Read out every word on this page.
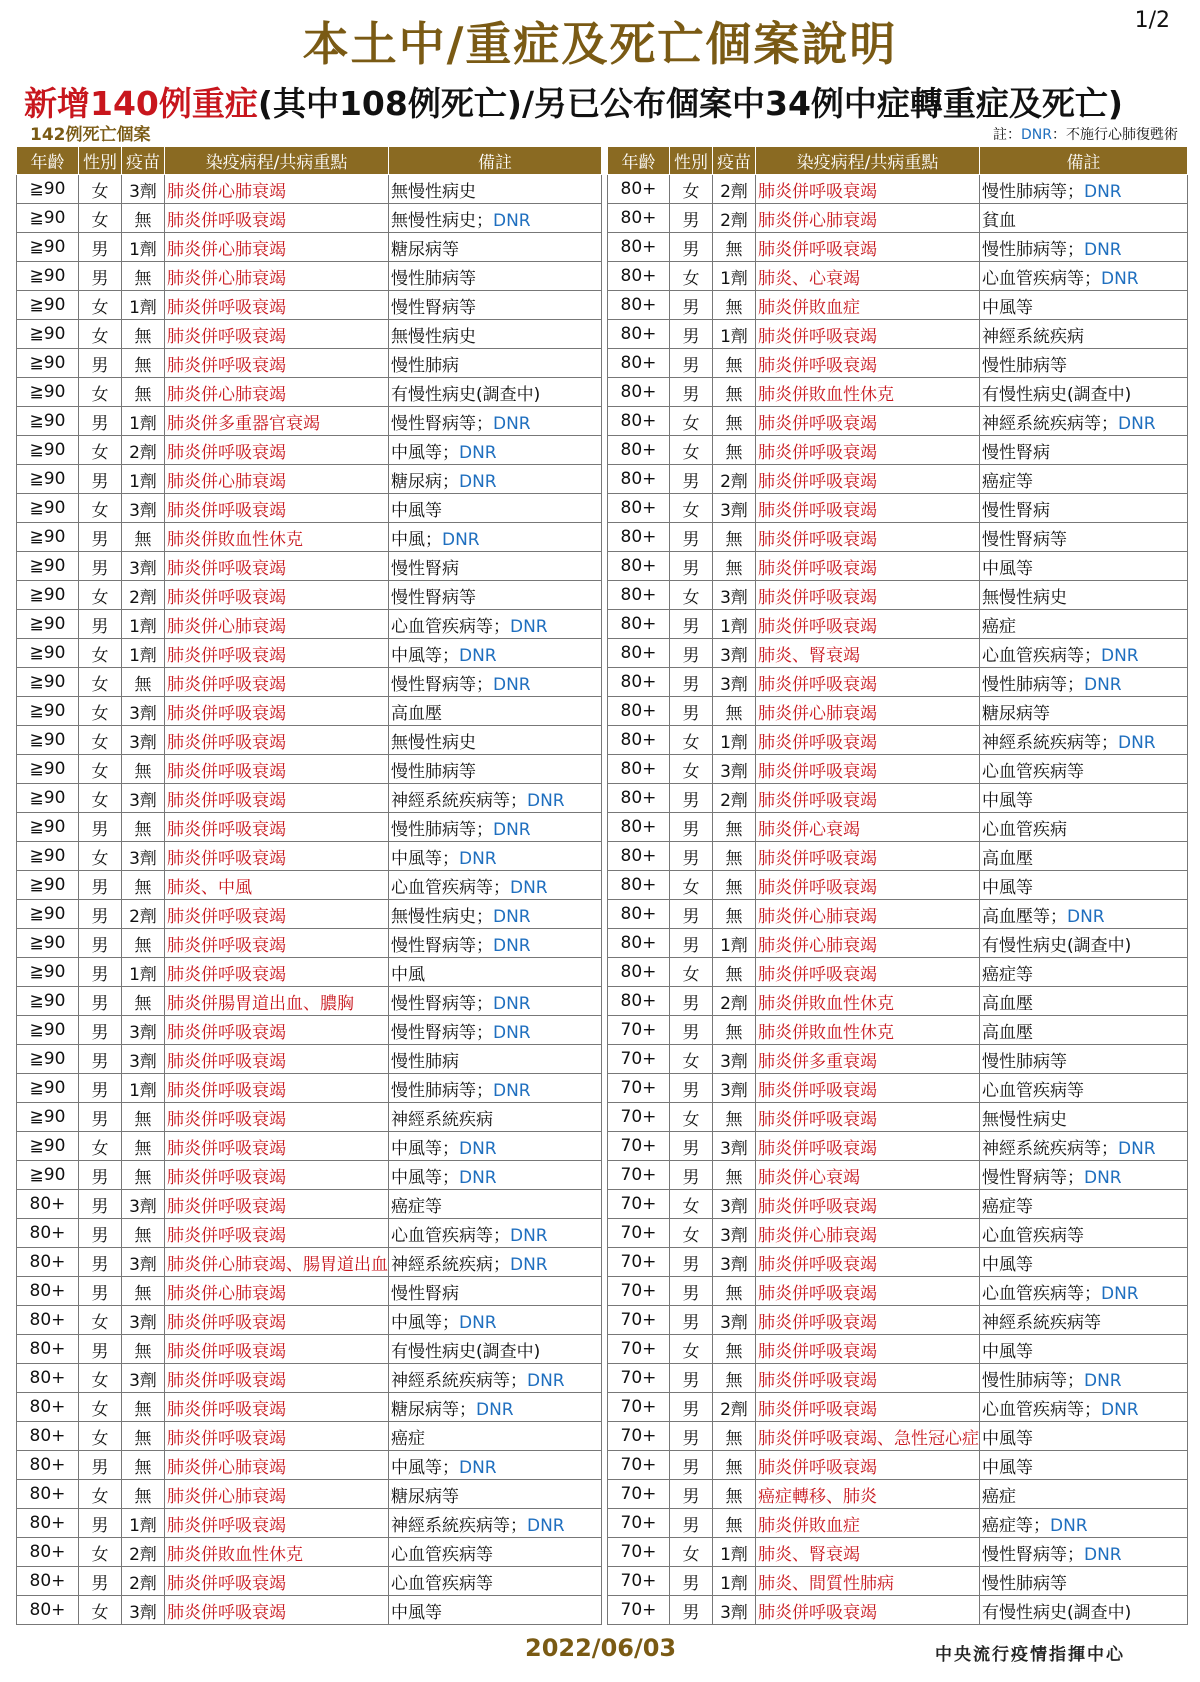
1/2
本土中/重症及死亡個案說明
新增140例重症(其中108例死亡)/另已公布個案中34例中症轉重症及死亡)
142例死亡個案	註：DNR：不施行心肺復甦術
年齡	性別	疫苗	染疫病程/共病重點	備註
≧90	女	3劑	肺炎併心肺衰竭	無慢性病史
≧90	女	無	肺炎併呼吸衰竭	無慢性病史；DNR
≧90	男	1劑	肺炎併心肺衰竭	糖尿病等
≧90	男	無	肺炎併心肺衰竭	慢性肺病等
≧90	女	1劑	肺炎併呼吸衰竭	慢性腎病等
≧90	女	無	肺炎併呼吸衰竭	無慢性病史
≧90	男	無	肺炎併呼吸衰竭	慢性肺病
≧90	女	無	肺炎併心肺衰竭	有慢性病史(調查中)
≧90	男	1劑	肺炎併多重器官衰竭	慢性腎病等；DNR
≧90	女	2劑	肺炎併呼吸衰竭	中風等；DNR
≧90	男	1劑	肺炎併心肺衰竭	糖尿病；DNR
≧90	女	3劑	肺炎併呼吸衰竭	中風等
≧90	男	無	肺炎併敗血性休克	中風；DNR
≧90	男	3劑	肺炎併呼吸衰竭	慢性腎病
≧90	女	2劑	肺炎併呼吸衰竭	慢性腎病等
≧90	男	1劑	肺炎併心肺衰竭	心血管疾病等；DNR
≧90	女	1劑	肺炎併呼吸衰竭	中風等；DNR
≧90	女	無	肺炎併呼吸衰竭	慢性腎病等；DNR
≧90	女	3劑	肺炎併呼吸衰竭	高血壓
≧90	女	3劑	肺炎併呼吸衰竭	無慢性病史
≧90	女	無	肺炎併呼吸衰竭	慢性肺病等
≧90	女	3劑	肺炎併呼吸衰竭	神經系統疾病等；DNR
≧90	男	無	肺炎併呼吸衰竭	慢性肺病等；DNR
≧90	女	3劑	肺炎併呼吸衰竭	中風等；DNR
≧90	男	無	肺炎、中風	心血管疾病等；DNR
≧90	男	2劑	肺炎併呼吸衰竭	無慢性病史；DNR
≧90	男	無	肺炎併呼吸衰竭	慢性腎病等；DNR
≧90	男	1劑	肺炎併呼吸衰竭	中風
≧90	男	無	肺炎併腸胃道出血、膿胸	慢性腎病等；DNR
≧90	男	3劑	肺炎併呼吸衰竭	慢性腎病等；DNR
≧90	男	3劑	肺炎併呼吸衰竭	慢性肺病
≧90	男	1劑	肺炎併呼吸衰竭	慢性肺病等；DNR
≧90	男	無	肺炎併呼吸衰竭	神經系統疾病
≧90	女	無	肺炎併呼吸衰竭	中風等；DNR
≧90	男	無	肺炎併呼吸衰竭	中風等；DNR
80+	男	3劑	肺炎併呼吸衰竭	癌症等
80+	男	無	肺炎併呼吸衰竭	心血管疾病等；DNR
80+	男	3劑	肺炎併心肺衰竭、腸胃道出血	神經系統疾病；DNR
80+	男	無	肺炎併心肺衰竭	慢性腎病
80+	女	3劑	肺炎併呼吸衰竭	中風等；DNR
80+	男	無	肺炎併呼吸衰竭	有慢性病史(調查中)
80+	女	3劑	肺炎併呼吸衰竭	神經系統疾病等；DNR
80+	女	無	肺炎併呼吸衰竭	糖尿病等；DNR
80+	女	無	肺炎併呼吸衰竭	癌症
80+	男	無	肺炎併心肺衰竭	中風等；DNR
80+	女	無	肺炎併心肺衰竭	糖尿病等
80+	男	1劑	肺炎併呼吸衰竭	神經系統疾病等；DNR
80+	女	2劑	肺炎併敗血性休克	心血管疾病等
80+	男	2劑	肺炎併呼吸衰竭	心血管疾病等
80+	女	3劑	肺炎併呼吸衰竭	中風等
年齡	性別	疫苗	染疫病程/共病重點	備註
80+	女	2劑	肺炎併呼吸衰竭	慢性肺病等；DNR
80+	男	2劑	肺炎併心肺衰竭	貧血
80+	男	無	肺炎併呼吸衰竭	慢性肺病等；DNR
80+	女	1劑	肺炎、心衰竭	心血管疾病等；DNR
80+	男	無	肺炎併敗血症	中風等
80+	男	1劑	肺炎併呼吸衰竭	神經系統疾病
80+	男	無	肺炎併呼吸衰竭	慢性肺病等
80+	男	無	肺炎併敗血性休克	有慢性病史(調查中)
80+	女	無	肺炎併呼吸衰竭	神經系統疾病等；DNR
80+	女	無	肺炎併呼吸衰竭	慢性腎病
80+	男	2劑	肺炎併呼吸衰竭	癌症等
80+	女	3劑	肺炎併呼吸衰竭	慢性腎病
80+	男	無	肺炎併呼吸衰竭	慢性腎病等
80+	男	無	肺炎併呼吸衰竭	中風等
80+	女	3劑	肺炎併呼吸衰竭	無慢性病史
80+	男	1劑	肺炎併呼吸衰竭	癌症
80+	男	3劑	肺炎、腎衰竭	心血管疾病等；DNR
80+	男	3劑	肺炎併呼吸衰竭	慢性肺病等；DNR
80+	男	無	肺炎併心肺衰竭	糖尿病等
80+	女	1劑	肺炎併呼吸衰竭	神經系統疾病等；DNR
80+	女	3劑	肺炎併呼吸衰竭	心血管疾病等
80+	男	2劑	肺炎併呼吸衰竭	中風等
80+	男	無	肺炎併心衰竭	心血管疾病
80+	男	無	肺炎併呼吸衰竭	高血壓
80+	女	無	肺炎併呼吸衰竭	中風等
80+	男	無	肺炎併心肺衰竭	高血壓等；DNR
80+	男	1劑	肺炎併心肺衰竭	有慢性病史(調查中)
80+	女	無	肺炎併呼吸衰竭	癌症等
80+	男	2劑	肺炎併敗血性休克	高血壓
70+	男	無	肺炎併敗血性休克	高血壓
70+	女	3劑	肺炎併多重衰竭	慢性肺病等
70+	男	3劑	肺炎併呼吸衰竭	心血管疾病等
70+	女	無	肺炎併呼吸衰竭	無慢性病史
70+	男	3劑	肺炎併呼吸衰竭	神經系統疾病等；DNR
70+	男	無	肺炎併心衰竭	慢性腎病等；DNR
70+	女	3劑	肺炎併呼吸衰竭	癌症等
70+	女	3劑	肺炎併心肺衰竭	心血管疾病等
70+	男	3劑	肺炎併呼吸衰竭	中風等
70+	男	無	肺炎併呼吸衰竭	心血管疾病等；DNR
70+	男	3劑	肺炎併呼吸衰竭	神經系統疾病等
70+	女	無	肺炎併呼吸衰竭	中風等
70+	男	無	肺炎併呼吸衰竭	慢性肺病等；DNR
70+	男	2劑	肺炎併呼吸衰竭	心血管疾病等；DNR
70+	男	無	肺炎併呼吸衰竭、急性冠心症	中風等
70+	男	無	肺炎併呼吸衰竭	中風等
70+	男	無	癌症轉移、肺炎	癌症
70+	男	無	肺炎併敗血症	癌症等；DNR
70+	女	1劑	肺炎、腎衰竭	慢性腎病等；DNR
70+	男	1劑	肺炎、間質性肺病	慢性肺病等
70+	男	3劑	肺炎併呼吸衰竭	有慢性病史(調查中)
2022/06/03	中央流行疫情指揮中心
